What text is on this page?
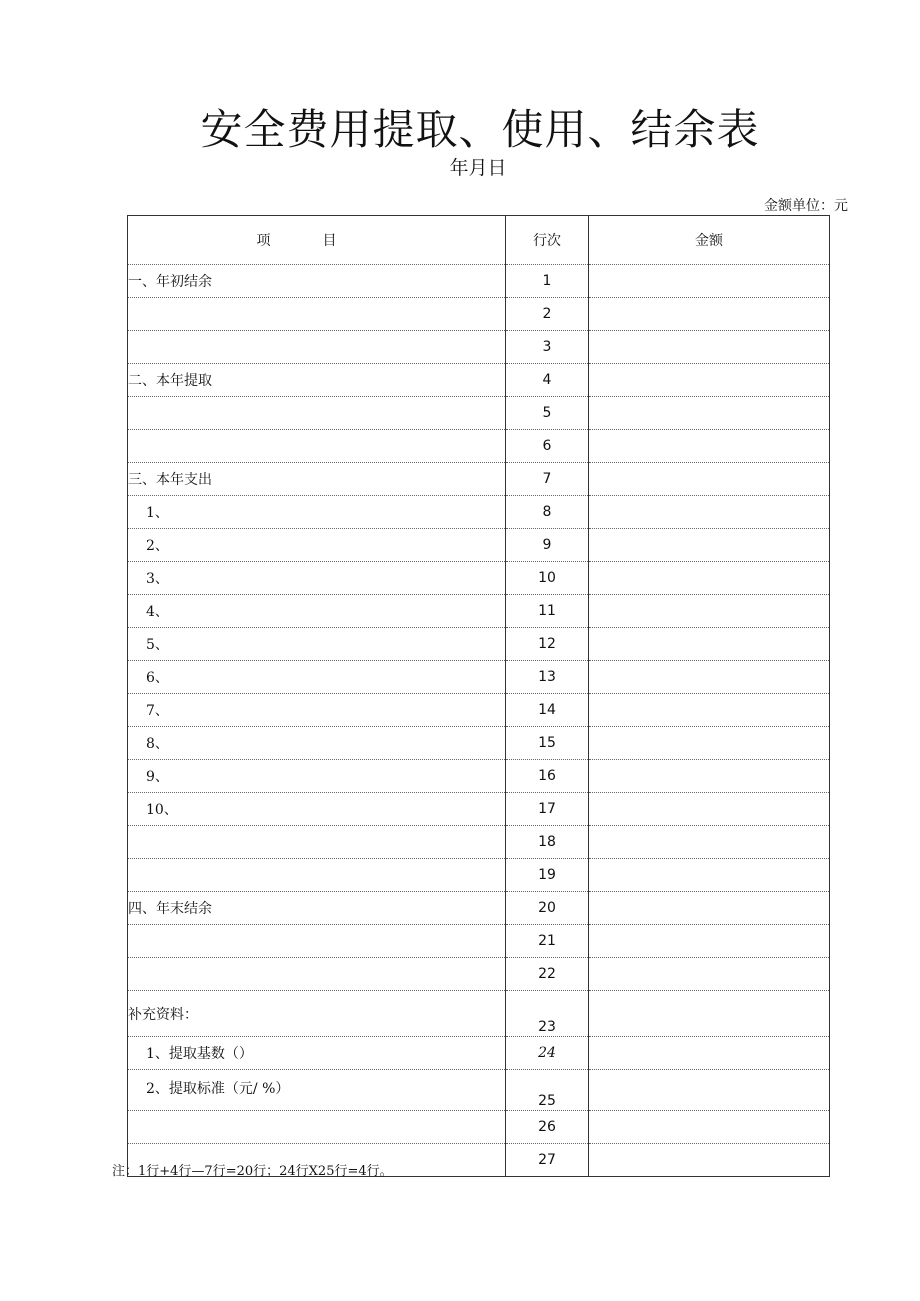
安全费用提取、使用、结余表
年月日
金额单位：元
项 目	行次	金额
一、年初结余	1	
	2	
	3	
二、本年提取	4	
	5	
	6	
三、本年支出	7	
1、	8	
2、	9	
3、	10	
4、	11	
5、	12	
6、	13	
7、	14	
8、	15	
9、	16	
10、	17	
	18	
	19	
四、年末结余	20	
	21	
	22	
补充资料：	23	
1、提取基数（）	24	
2、提取标准（元/ %）	25	
	26	
	27	
注：1行+4行—7行=20行；24行X25行=4行。
